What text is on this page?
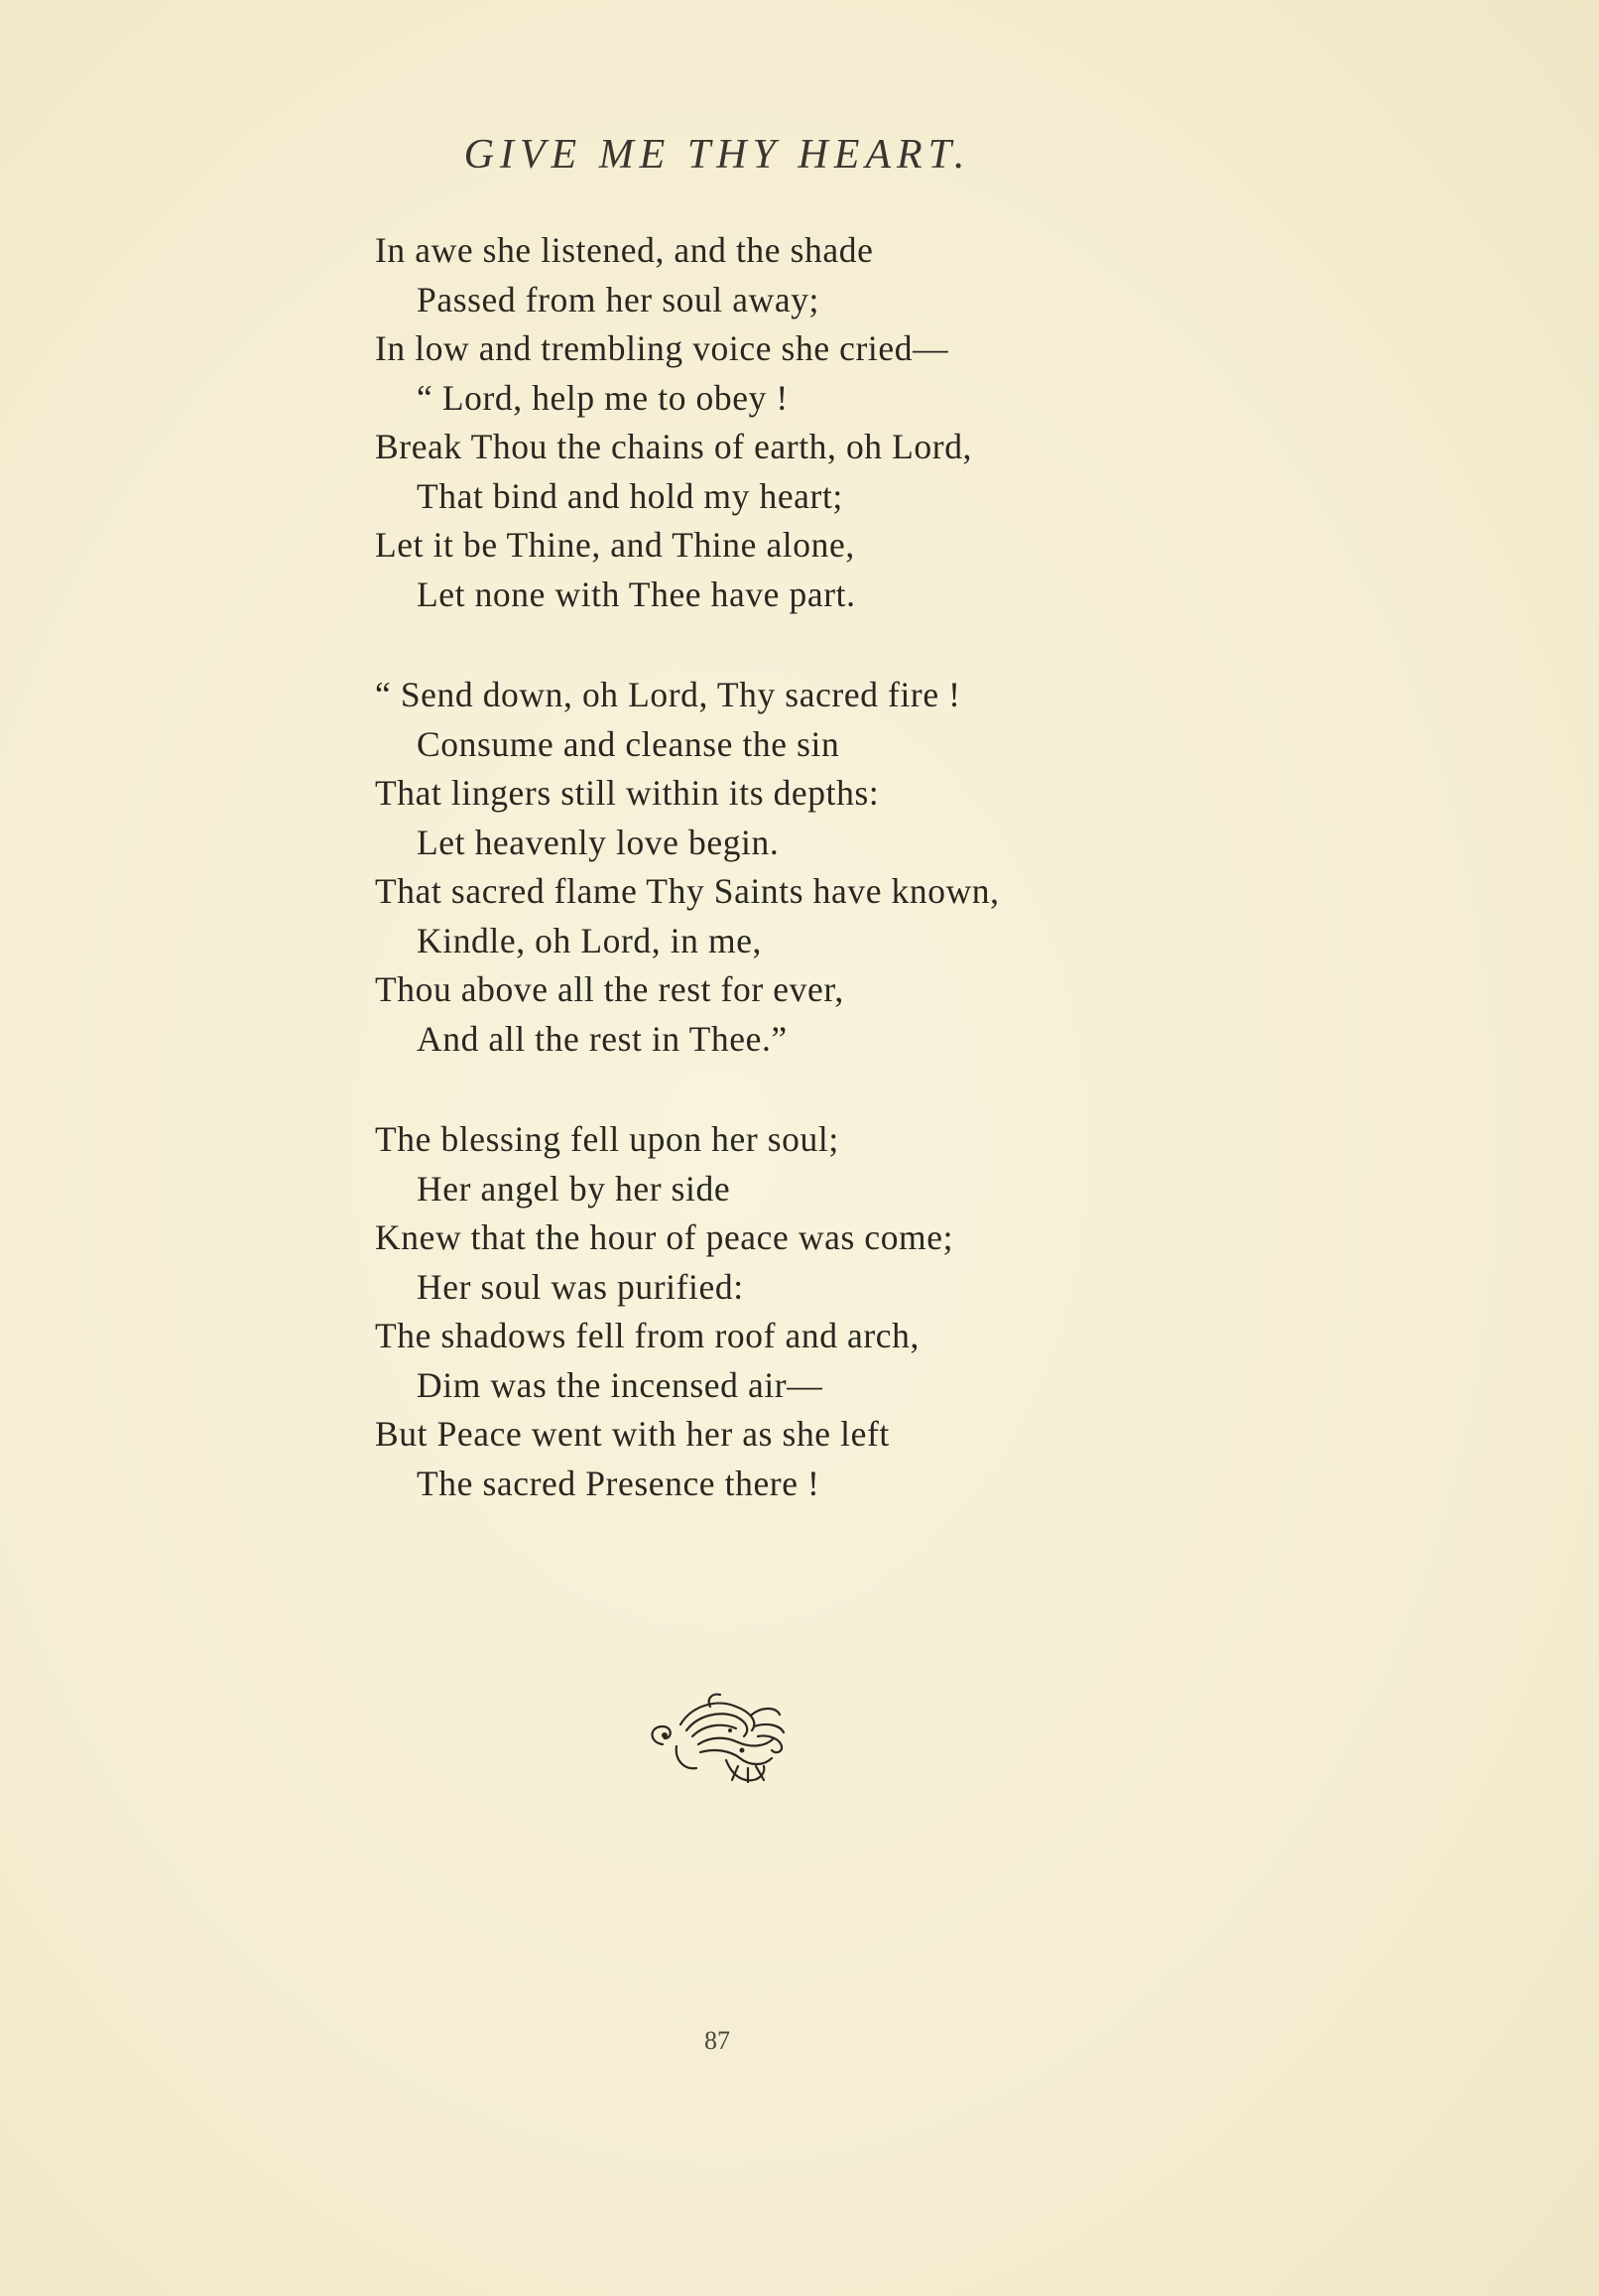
GIVE ME THY HEART.
In awe she listened, and the shade
Passed from her soul away;
In low and trembling voice she cried—
“ Lord, help me to obey !
Break Thou the chains of earth, oh Lord,
That bind and hold my heart;
Let it be Thine, and Thine alone,
Let none with Thee have part.
“ Send down, oh Lord, Thy sacred fire !
Consume and cleanse the sin
That lingers still within its depths:
Let heavenly love begin.
That sacred flame Thy Saints have known,
Kindle, oh Lord, in me,
Thou above all the rest for ever,
And all the rest in Thee.”
The blessing fell upon her soul;
Her angel by her side
Knew that the hour of peace was come;
Her soul was purified:
The shadows fell from roof and arch,
Dim was the incensed air—
But Peace went with her as she left
The sacred Presence there !
87
